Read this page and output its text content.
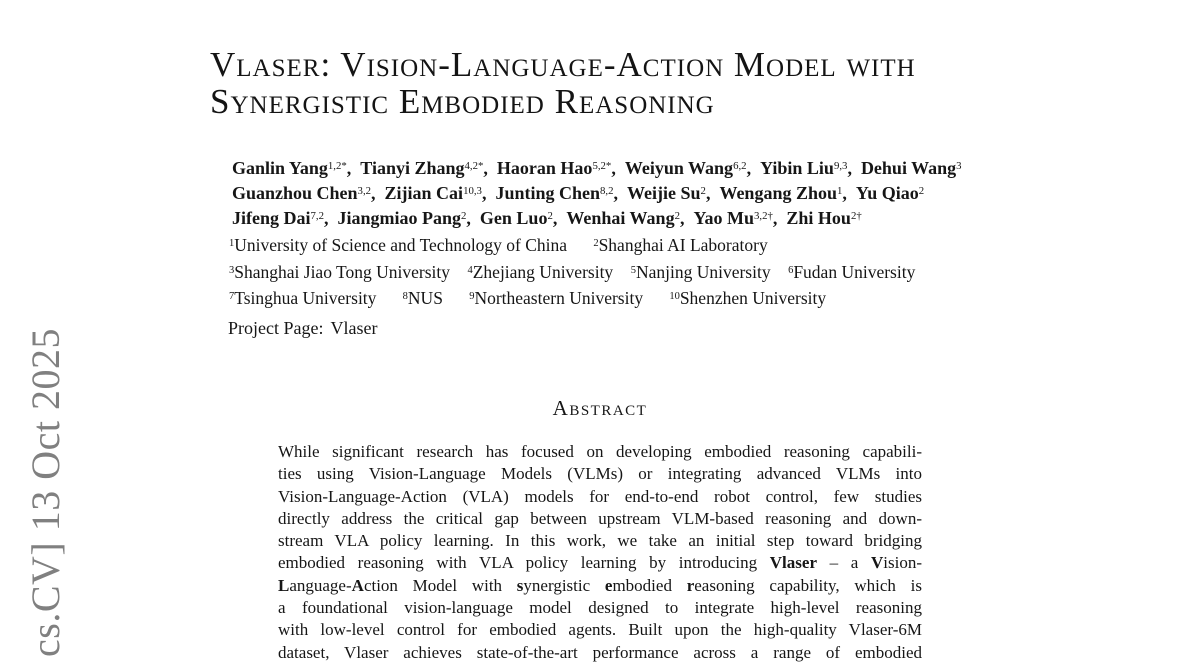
cs.CV] 13 Oct 2025
Vlaser: Vision-Language-Action Model with
Synergistic Embodied Reasoning
Ganlin Yang$^{1,2*}$, Tianyi Zhang$^{4,2*}$, Haoran Hao$^{5,2*}$, Weiyun Wang$^{6,2}$, Yibin Liu$^{9,3}$, Dehui Wang$^3$
Guanzhou Chen$^{3,2}$, Zijian Cai$^{10,3}$, Junting Chen$^{8,2}$, Weijie Su$^2$, Wengang Zhou$^1$, Yu Qiao$^2$
Jifeng Dai$^{7,2}$, Jiangmiao Pang$^2$, Gen Luo$^2$, Wenhai Wang$^2$, Yao $Mu^{3,2\dagger}$, Zhi Hou$^{2\dagger}$
$^1$University of Science and Technology of China   	$^2$Shanghai AI Laboratory
$^3$Shanghai Jiao Tong University   $^4$Zhejiang University   $^5$Nanjing University   $^6$Fudan University
$^7$Tsinghua University   	$^8$NUS   	$^9$Northeastern University   	$^{10}$Shenzhen University
Project Page: Vlaser
Abstract
While significant research has focused on developing embodied reasoning capabili-
ties using Vision-Language Models (VLMs) or integrating advanced VLMs into
Vision-Language-Action (VLA) models for end-to-end robot control, few studies
directly address the critical gap between upstream VLM-based reasoning and down-
stream VLA policy learning. In this work, we take an initial step toward bridging
embodied reasoning with VLA policy learning by introducing Vlaser – a Vision-
Language-Action Model with synergistic embodied reasoning capability, which is
a foundational vision-language model designed to integrate high-level reasoning
with low-level control for embodied agents. Built upon the high-quality Vlaser-6M
dataset, Vlaser achieves state-of-the-art performance across a range of embodied
